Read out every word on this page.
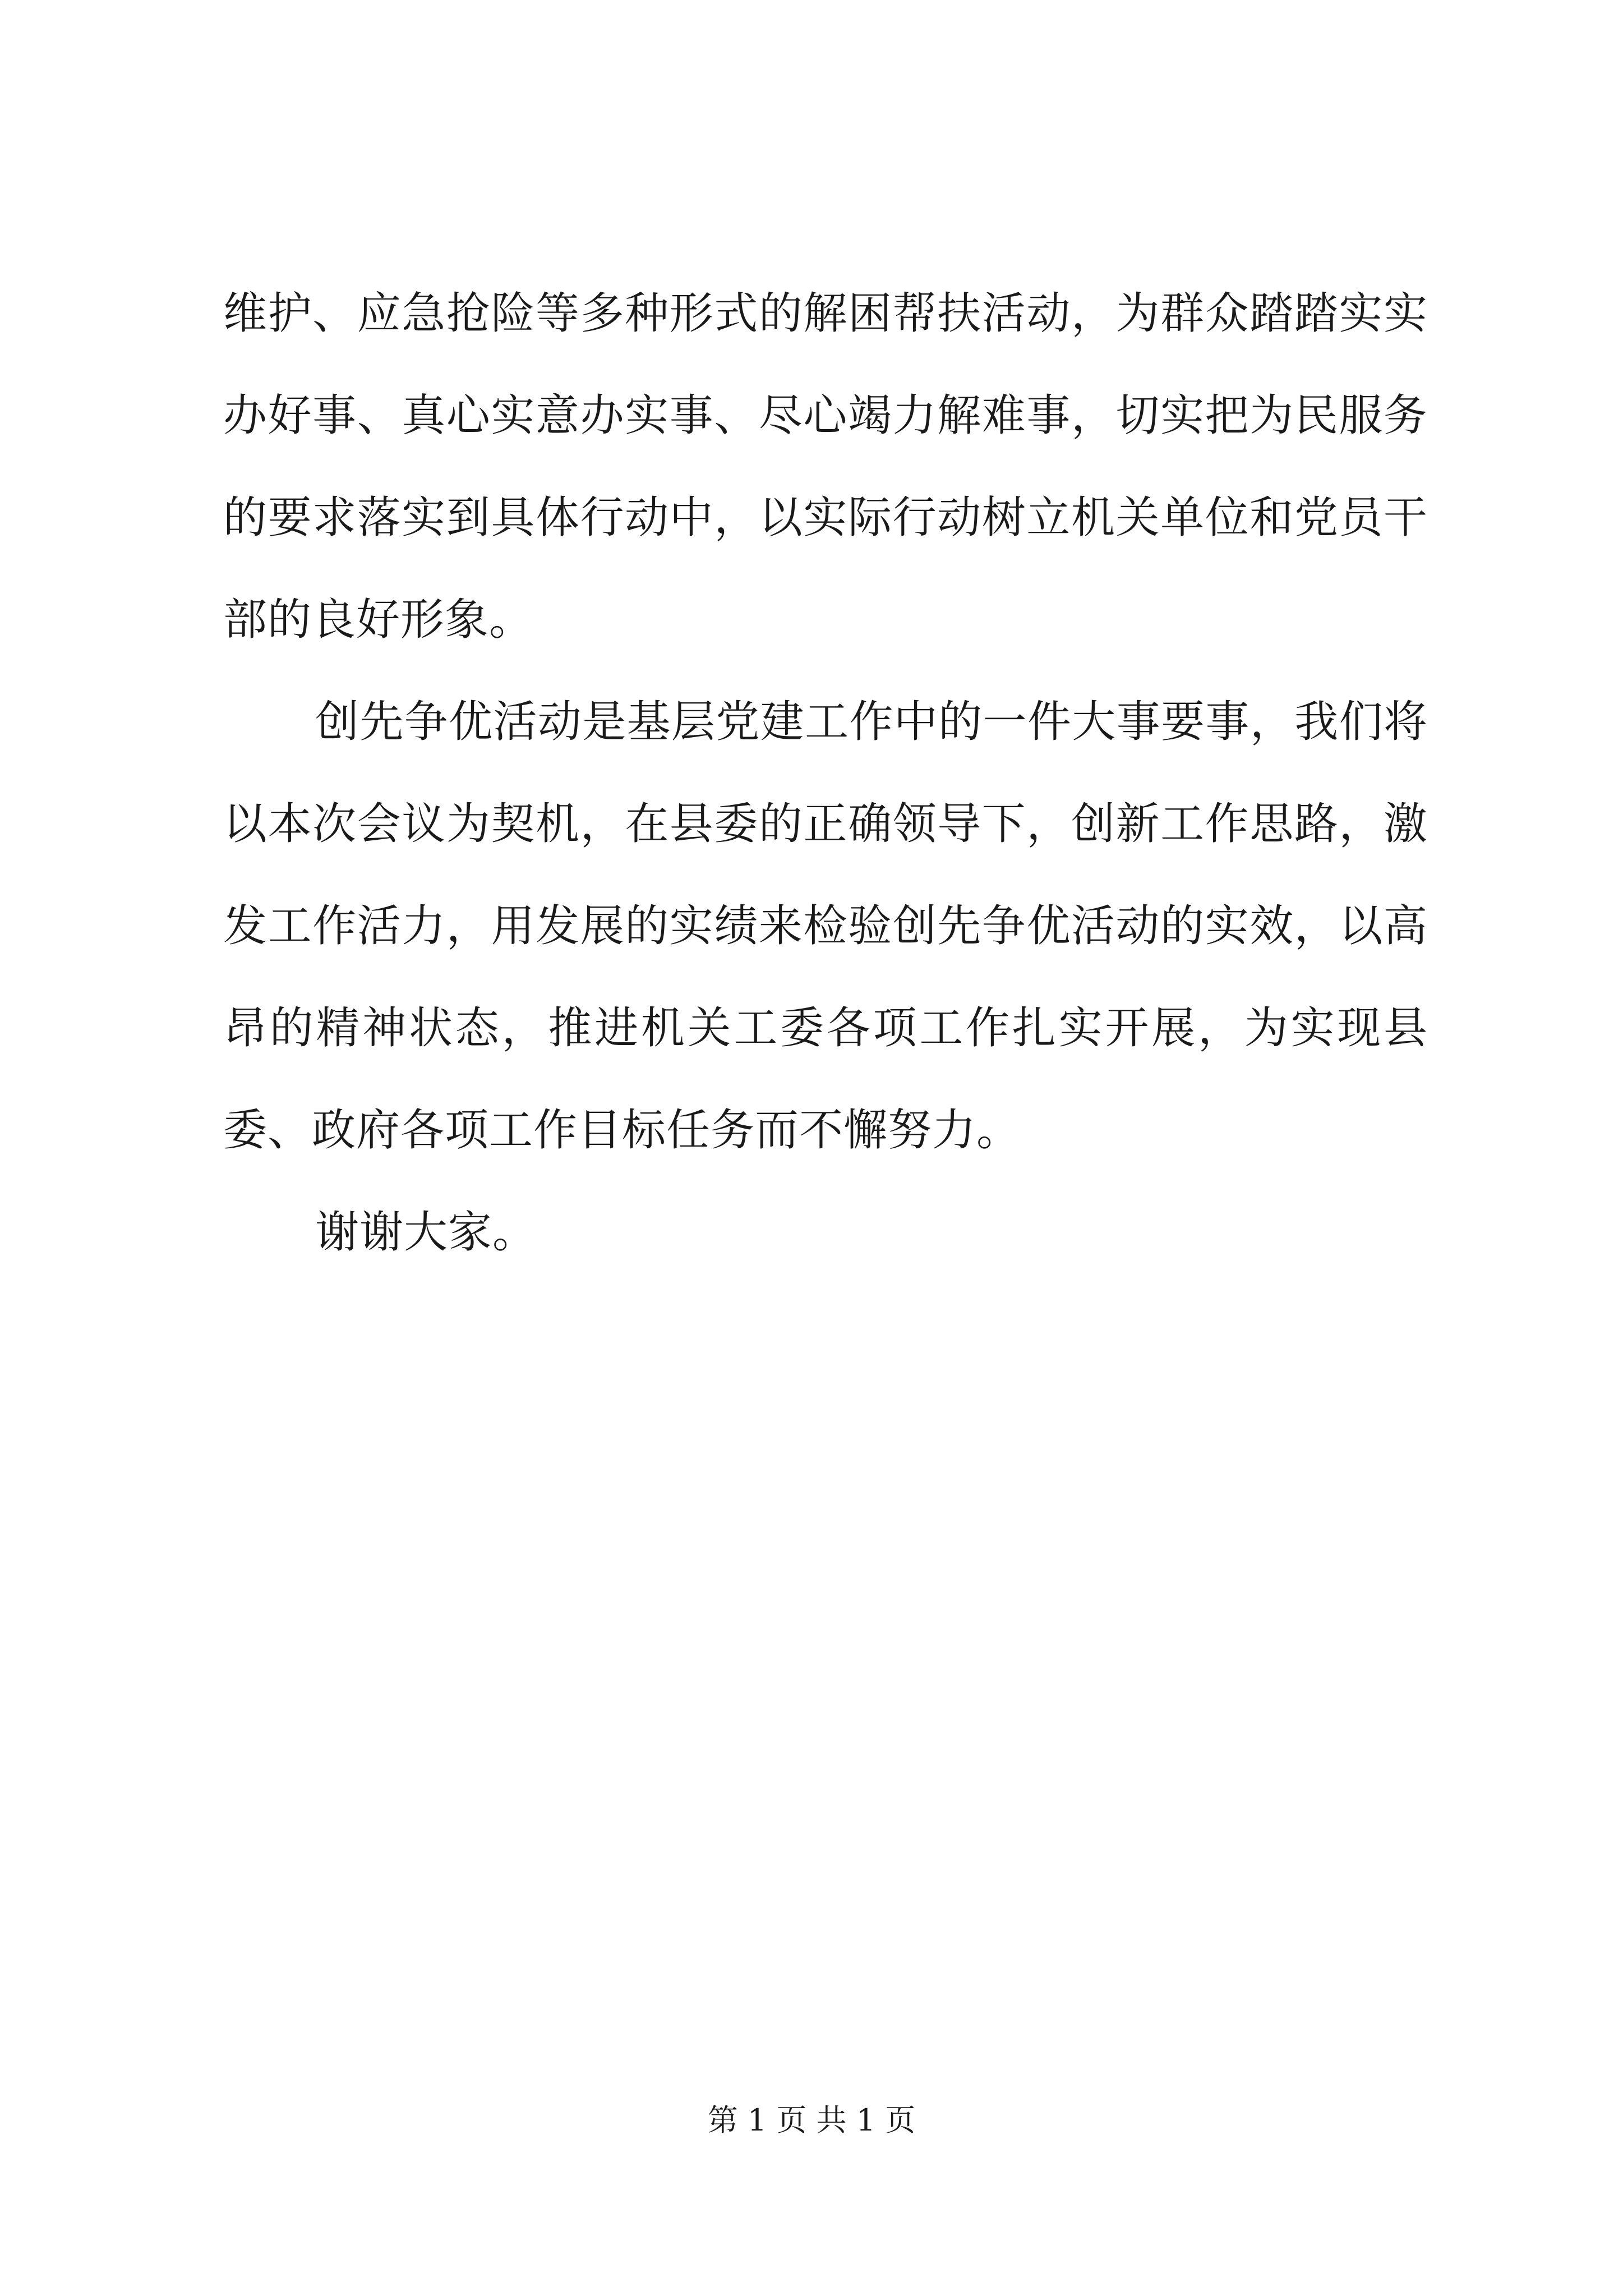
维护、应急抢险等多种形式的解困帮扶活动，为群众踏踏实实办好事、真心实意办实事、尽心竭力解难事，切实把为民服务的要求落实到具体行动中，以实际行动树立机关单位和党员干部的良好形象。

创先争优活动是基层党建工作中的一件大事要事，我们将以本次会议为契机，在县委的正确领导下，创新工作思路，激发工作活力，用发展的实绩来检验创先争优活动的实效，以高昂的精神状态，推进机关工委各项工作扎实开展，为实现县委、政府各项工作目标任务而不懈努力。

谢谢大家。

第 1 页 共 1 页
